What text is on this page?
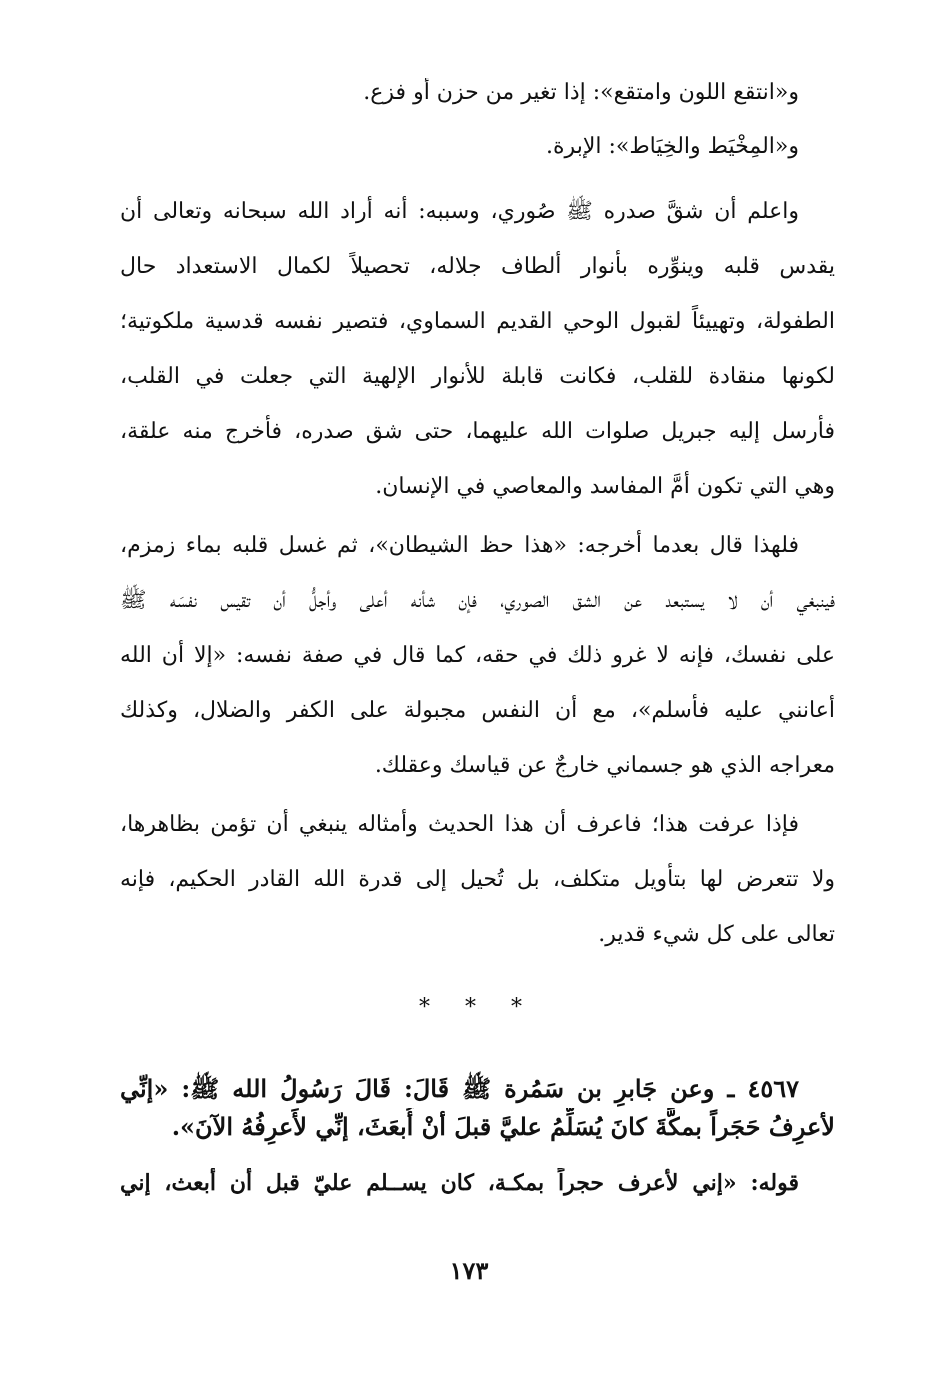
و«انتقع اللون وامتقع»: إذا تغير من حزن أو فزع.

و«المِخْيَط والخِيَاط»: الإبرة.

واعلم أن شقَّ صدره ﷺ صُوري، وسببه: أنه أراد الله سبحانه وتعالى أن

يقدس قلبه وينوِّره بأنوار ألطاف جلاله، تحصيلاً لكمال الاستعداد حال

الطفولة، وتهييئاً لقبول الوحي القديم السماوي، فتصير نفسه قدسية ملكوتية؛

لكونها منقادة للقلب، فكانت قابلة للأنوار الإلهية التي جعلت في القلب،

فأرسل إليه جبريل صلوات الله عليهما، حتى شق صدره، فأخرج منه علقة،

وهي التي تكون أمَّ المفاسد والمعاصي في الإنسان.

فلهذا قال بعدما أخرجه: «هذا حظ الشيطان»، ثم غسل قلبه بماء زمزم،

فينبغي أن لا يستبعد عن الشق الصوري، فإن شأنه أعلى وأجلُّ أن تقيس نفسَه ﷺ

على نفسك، فإنه لا غرو ذلك في حقه، كما قال في صفة نفسه: «إلا أن الله

أعانني عليه فأسلم»، مع أن النفس مجبولة على الكفر والضلال، وكذلك

معراجه الذي هو جسماني خارجٌ عن قياسك وعقلك.

فإذا عرفت هذا؛ فاعرف أن هذا الحديث وأمثاله ينبغي أن تؤمن بظاهرها،

ولا تتعرض لها بتأويل متكلف، بل تُحيل إلى قدرة الله القادر الحكيم، فإنه

تعالى على كل شيء قدير.

* * *

٤٥٦٧ ـ وعن جَابرِ بن سَمُرة ﷺ قَالَ: قَالَ رَسُولُ الله ﷺ: «إنِّي

لأعرِفُ حَجَراً بمكَّةَ كانَ يُسَلِّمُ عليَّ قبلَ أنْ أُبعَثَ، إنِّي لأَعرِفُهُ الآنَ».

قوله: «إني لأعرف حجراً بمكـة، كان يســلم عليّ قبل أن أبعث، إني

١٧٣
